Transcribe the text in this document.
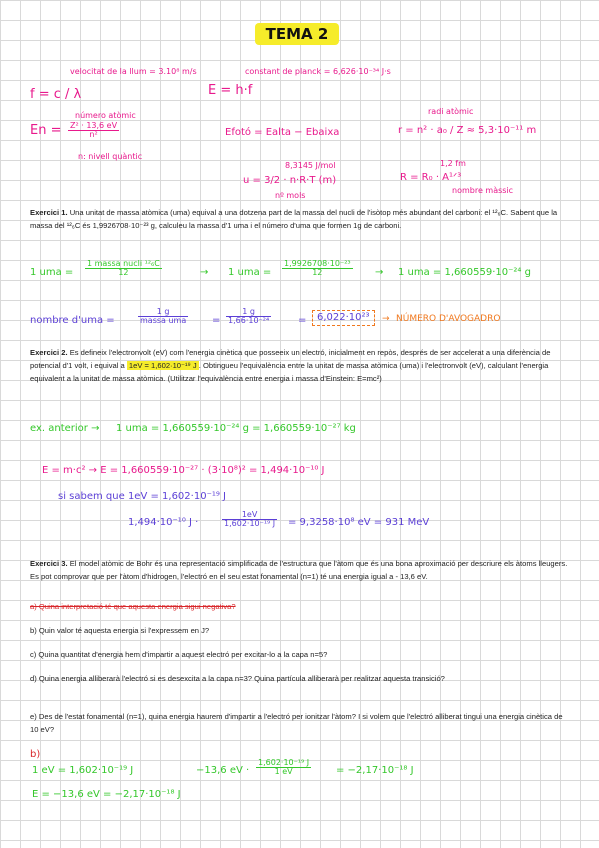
TEMA 2
f = c / λ
velocitat de la llum = 3.10⁸ m/s	constant de planck = 6,626·10⁻³⁴ J·s
E = h·f
En =
número atòmic
$\frac{\text{Z² · 13,6 eV}}{\text{n²}}$
n: nivell quàntic
Efotó = Ealta − Ebaixa
radi atòmic
r = n² · a₀ / Z ≈ 5,3·10⁻¹¹ m
8,3145 J/mol
u = 3/2 · n·R·T (m)
nº mols
1,2 fm
R = R₀ · A¹ᐟ³
nombre màssic
Exercici 1. Una unitat de massa atòmica (uma) equival a una dotzena part de la massa del nucli de l'isòtop més abundant del carboni: el ¹²₆C. Sabent que la massa del ¹²₆C és 1,9926708·10⁻²³ g, calculeu la massa d'1 uma i el número d'uma que formen 1g de carboni.
1 uma =
1 massa nucli ¹²₆C
12	→ 1 uma = $\frac{\text{1,9926708·10⁻²³}}{12} \to 1$ uma = 1,660559·10⁻²⁴ g
nombre d'uma =
1 g
massa uma	= $\frac{1 g}{\text{1,66·10⁻²⁴}}$	=	6,022·10²³	→ NÚMERO D'AVOGADRO
Exercici 2. Es defineix l'electronvolt (eV) com l'energia cinètica que posseeix un electró, inicialment en repòs, després de ser accelerat a una diferència de potencial d'1 volt, i equival a 1eV = 1,602·10⁻¹⁹ J . Obtingueu l'equivalència entre la unitat de massa atòmica (uma) i l'electronvolt (eV), calculant l'energia equivalent a la unitat de massa atòmica. (Utilitzar l'equivalència entre energia i massa d'Einstein: E=mc²)
ex. anterior → 1 uma = 1,660559·10⁻²⁴ g = 1,660559·10⁻²⁷ kg
E = m·c² → E = 1,660559·10⁻²⁷ · (3·10⁸)² = 1,494·10⁻¹⁰ J
si sabem que 1eV = 1,602·10⁻¹⁹ J
1,494·10⁻¹⁰ J ·	$\frac{1eV}{\text{1,602·10⁻¹⁹ J}} = 9,3258\cdot 10^8$ eV = 931 MeV
Exercici 3. El model atòmic de Bohr és una representació simplificada de l'estructura que l'àtom que és una bona aproximació per descriure els àtoms lleugers. Es pot comprovar que per l'àtom d'hidrogen, l'electró en el seu estat fonamental (n=1) té una energia igual a - 13,6 eV.
a) Quina interpretació té que aquesta energia sigui negativa?
b) Quin valor té aquesta energia si l'expressem en J?
c) Quina quantitat d'energia hem d'impartir a aquest electró per excitar-lo a la capa n=5?
d) Quina energia alliberarà l'electró si es desexcita a la capa n=3? Quina partícula alliberarà per realitzar aquesta transició?
e) Des de l'estat fonamental (n=1), quina energia haurem d'impartir a l'electró per ionitzar l'àtom? I si volem que l'electró alliberat tingui una energia cinètica de 10 eV?
b)
1 eV = 1,602·10⁻¹⁹ J	−13,6 eV · $\frac{\text{1,602·10⁻¹⁹ J}}{1 eV} = -2,17\cdot 10^{-18}$ J
E = −13,6 eV = −2,17·10⁻¹⁸ J
